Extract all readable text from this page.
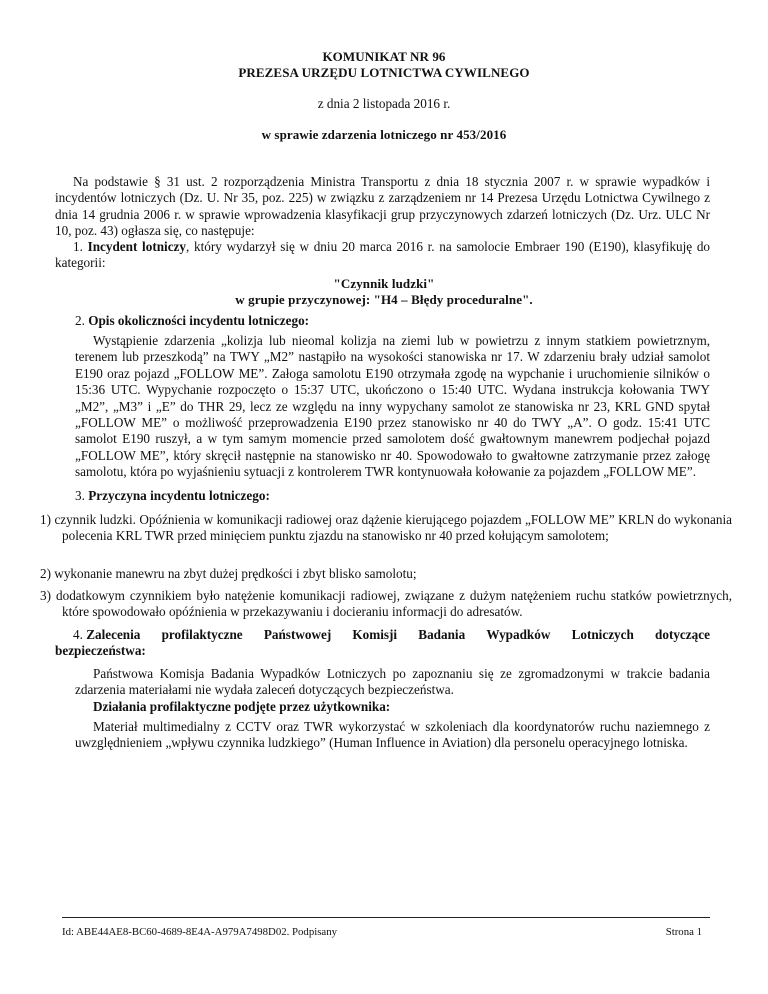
KOMUNIKAT NR 96
PREZESA URZĘDU LOTNICTWA CYWILNEGO
z dnia 2 listopada 2016 r.
w sprawie zdarzenia lotniczego nr 453/2016

Na podstawie § 31 ust. 2 rozporządzenia Ministra Transportu z dnia 18 stycznia 2007 r. w sprawie wypadków i incydentów lotniczych (Dz. U. Nr 35, poz. 225) w związku z zarządzeniem nr 14 Prezesa Urzędu Lotnictwa Cywilnego z dnia 14 grudnia 2006 r. w sprawie wprowadzenia klasyfikacji grup przyczynowych zdarzeń lotniczych (Dz. Urz. ULC Nr 10, poz. 43) ogłasza się, co następuje:

1. Incydent lotniczy, który wydarzył się w dniu 20 marca 2016 r. na samolocie Embraer 190 (E190), klasyfikuję do kategorii:

"Czynnik ludzki"
w grupie przyczynowej: "H4 – Błędy proceduralne".

2. Opis okoliczności incydentu lotniczego:

Wystąpienie zdarzenia „kolizja lub nieomal kolizja na ziemi lub w powietrzu z innym statkiem powietrznym, terenem lub przeszkodą” na TWY „M2” nastąpiło na wysokości stanowiska nr 17. W zdarzeniu brały udział samolot E190 oraz pojazd „FOLLOW ME”. Załoga samolotu E190 otrzymała zgodę na wypchanie i uruchomienie silników o 15:36 UTC. Wypychanie rozpoczęto o 15:37 UTC, ukończono o 15:40 UTC. Wydana instrukcja kołowania TWY „M2”, „M3” i „E” do THR 29, lecz ze względu na inny wypychany samolot ze stanowiska nr 23, KRL GND spytał „FOLLOW ME” o możliwość przeprowadzenia E190 przez stanowisko nr 40 do TWY „A”. O godz. 15:41 UTC samolot E190 ruszył, a w tym samym momencie przed samolotem dość gwałtownym manewrem podjechał pojazd „FOLLOW ME”, który skręcił następnie na stanowisko nr 40. Spowodowało to gwałtowne zatrzymanie przez załogę samolotu, która po wyjaśnieniu sytuacji z kontrolerem TWR kontynuowała kołowanie za pojazdem „FOLLOW ME”.

3. Przyczyna incydentu lotniczego:

1) czynnik ludzki. Opóźnienia w komunikacji radiowej oraz dążenie kierującego pojazdem „FOLLOW ME” KRLN do wykonania polecenia KRL TWR przed minięciem punktu zjazdu na stanowisko nr 40 przed kołującym samolotem;
2) wykonanie manewru na zbyt dużej prędkości i zbyt blisko samolotu;
3) dodatkowym czynnikiem było natężenie komunikacji radiowej, związane z dużym natężeniem ruchu statków powietrznych, które spowodowało opóźnienia w przekazywaniu i docieraniu informacji do adresatów.
4. Zalecenia profilaktyczne Państwowej Komisji Badania Wypadków Lotniczych dotyczące

bezpieczeństwa:

Państwowa Komisja Badania Wypadków Lotniczych po zapoznaniu się ze zgromadzonymi w trakcie badania zdarzenia materiałami nie wydała zaleceń dotyczących bezpieczeństwa.

Działania profilaktyczne podjęte przez użytkownika:

Materiał multimedialny z CCTV oraz TWR wykorzystać w szkoleniach dla koordynatorów ruchu naziemnego z uwzględnieniem „wpływu czynnika ludzkiego” (Human Influence in Aviation) dla personelu operacyjnego lotniska.

Id: ABE44AE8-BC60-4689-8E4A-A979A7498D02. Podpisany	Strona 1
